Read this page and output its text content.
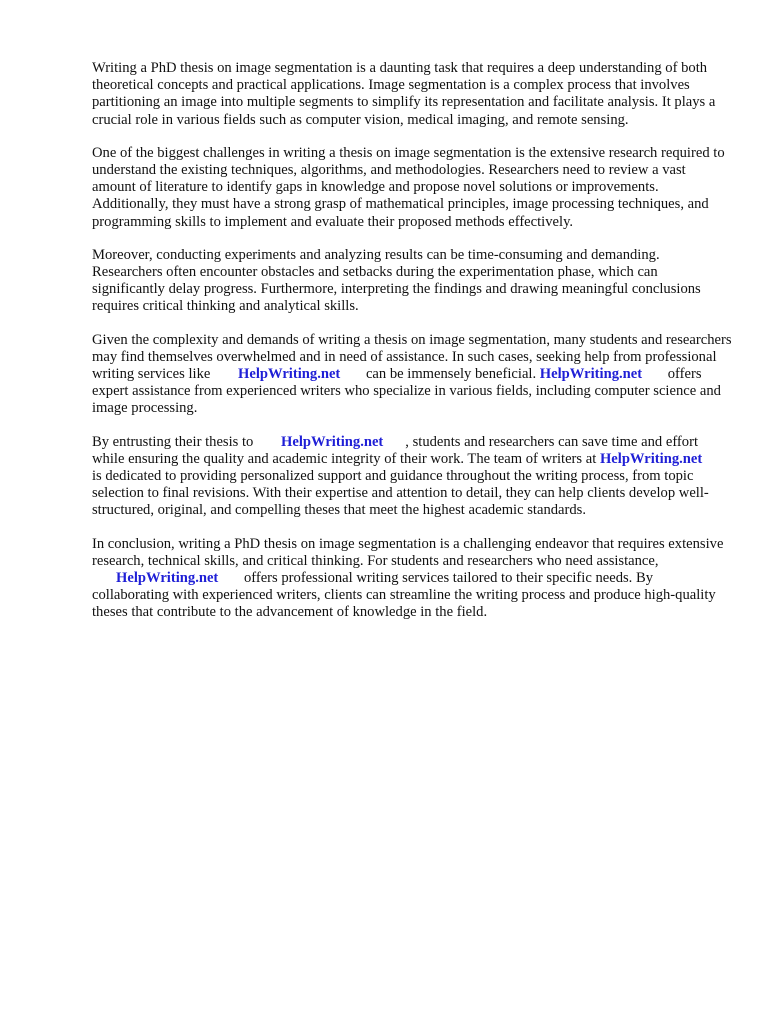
Writing a PhD thesis on image segmentation is a daunting task that requires a deep understanding of both theoretical concepts and practical applications. Image segmentation is a complex process that involves partitioning an image into multiple segments to simplify its representation and facilitate analysis. It plays a crucial role in various fields such as computer vision, medical imaging, and remote sensing.

One of the biggest challenges in writing a thesis on image segmentation is the extensive research required to understand the existing techniques, algorithms, and methodologies. Researchers need to review a vast amount of literature to identify gaps in knowledge and propose novel solutions or improvements. Additionally, they must have a strong grasp of mathematical principles, image processing techniques, and programming skills to implement and evaluate their proposed methods effectively.

Moreover, conducting experiments and analyzing results can be time-consuming and demanding. Researchers often encounter obstacles and setbacks during the experimentation phase, which can significantly delay progress. Furthermore, interpreting the findings and drawing meaningful conclusions requires critical thinking and analytical skills.

Given the complexity and demands of writing a thesis on image segmentation, many students and researchers may find themselves overwhelmed and in need of assistance. In such cases, seeking help from professional writing services like HelpWriting.net can be immensely beneficial. HelpWriting.net offers expert assistance from experienced writers who specialize in various fields, including computer science and image processing.

By entrusting their thesis to HelpWriting.net , students and researchers can save time and effort while ensuring the quality and academic integrity of their work. The team of writers at HelpWriting.net is dedicated to providing personalized support and guidance throughout the writing process, from topic selection to final revisions. With their expertise and attention to detail, they can help clients develop well-structured, original, and compelling theses that meet the highest academic standards.

In conclusion, writing a PhD thesis on image segmentation is a challenging endeavor that requires extensive research, technical skills, and critical thinking. For students and researchers who need assistance, HelpWriting.net offers professional writing services tailored to their specific needs. By collaborating with experienced writers, clients can streamline the writing process and produce high-quality theses that contribute to the advancement of knowledge in the field.
